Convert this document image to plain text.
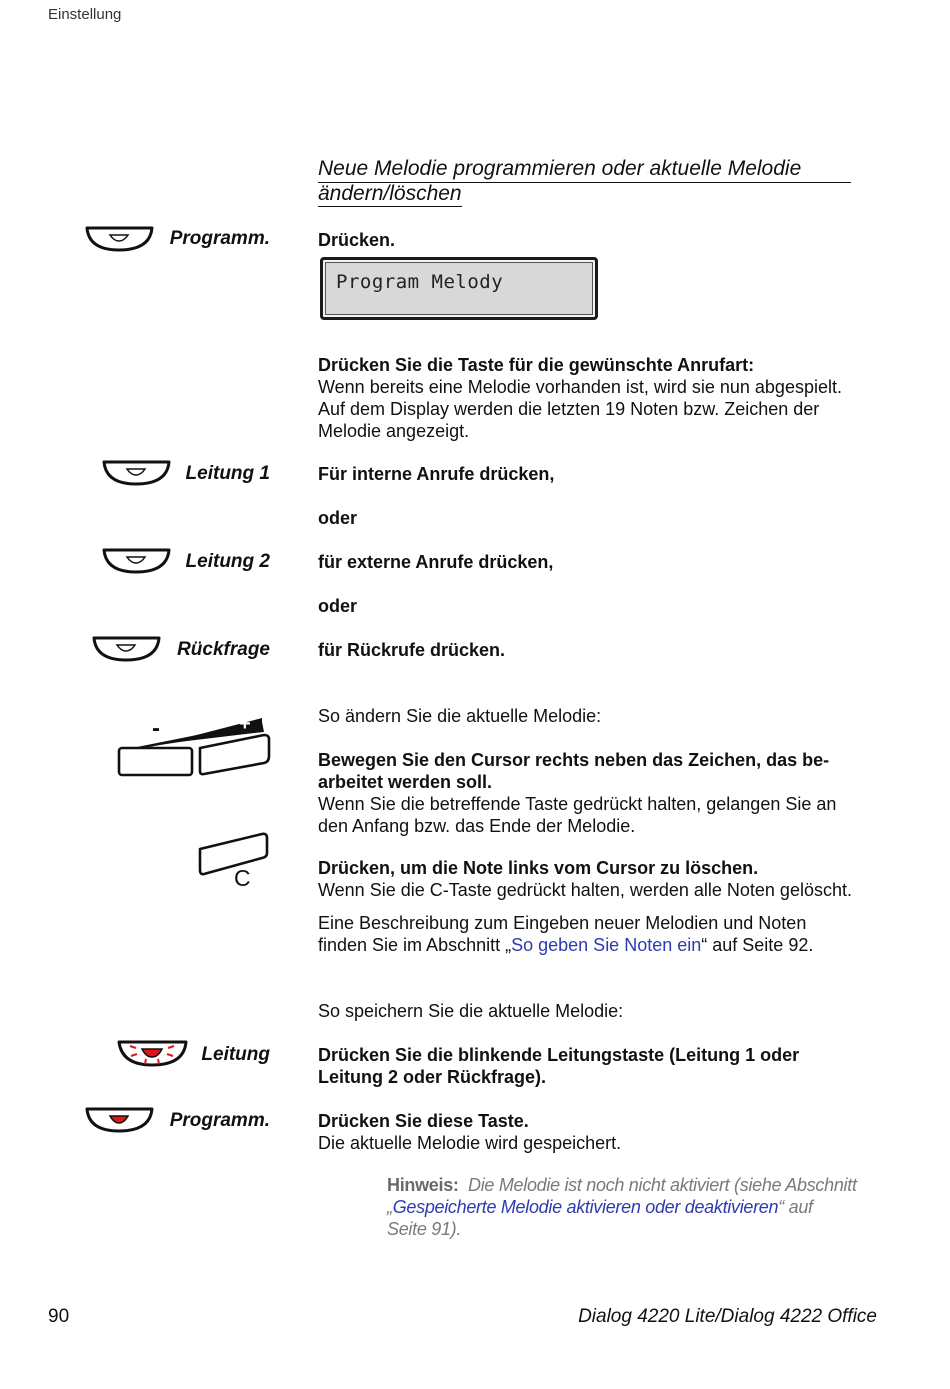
Einstellung
Neue Melodie programmieren oder aktuelle Melodie
ändern/löschen
Programm.	Drücken.
Program Melody
Drücken Sie die Taste für die gewünschte Anrufart:
Wenn bereits eine Melodie vorhanden ist, wird sie nun abgespielt.
Auf dem Display werden die letzten 19 Noten bzw. Zeichen der
Melodie angezeigt.
Leitung 1	Für interne Anrufe drücken,
oder
Leitung 2	für externe Anrufe drücken,
oder
Rückfrage	für Rückrufe drücken.
So ändern Sie die aktuelle Melodie:
-	+
Bewegen Sie den Cursor rechts neben das Zeichen, das be-
arbeitet werden soll.
Wenn Sie die betreffende Taste gedrückt halten, gelangen Sie an
den Anfang bzw. das Ende der Melodie.
C	Drücken, um die Note links vom Cursor zu löschen.
Wenn Sie die C-Taste gedrückt halten, werden alle Noten gelöscht.
Eine Beschreibung zum Eingeben neuer Melodien und Noten
finden Sie im Abschnitt „So geben Sie Noten ein“ auf Seite 92.
So speichern Sie die aktuelle Melodie:
Leitung	Drücken Sie die blinkende Leitungstaste (Leitung 1 oder
Leitung 2 oder Rückfrage).
Programm.	Drücken Sie diese Taste.
Die aktuelle Melodie wird gespeichert.
Hinweis: Die Melodie ist noch nicht aktiviert (siehe Abschnitt
„Gespeicherte Melodie aktivieren oder deaktivieren“ auf
Seite 91).
90	Dialog 4220 Lite/Dialog 4222 Office
